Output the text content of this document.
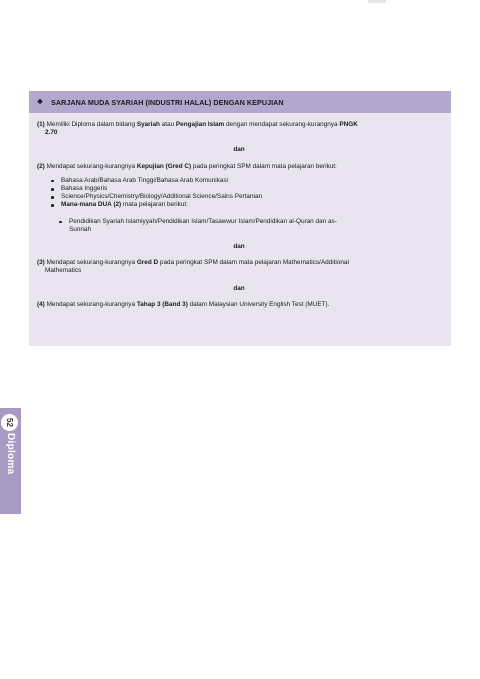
❖	SARJANA MUDA SYARIAH (INDUSTRI HALAL) DENGAN KEPUJIAN

(1) Memiliki Diploma dalam bidang Syariah atau Pengajian Islam dengan mendapat sekurang-kurangnya PNGK
2.70

dan

(2) Mendapat sekurang-kurangnya Kepujian (Gred C) pada peringkat SPM dalam mata pelajaran berikut:

Bahasa Arab/Bahasa Arab Tinggi/Bahasa Arab Komunikasi
Bahasa Inggeris
Science/Physics/Chemistry/Biology/Additional Science/Sains Pertanian
Mana-mana DUA (2) mata pelajaran berikut:
Pendidikan Syariah Islamiyyah/Pendidikan Islam/Tasawwur Islam/Pendidikan al-Quran dan as-
Sunnah
dan

(3) Mendapat sekurang-kurangnya Gred D pada peringkat SPM dalam mata pelajaran Mathematics/Additional
Mathematics

dan

(4) Mendapat sekurang-kurangnya Tahap 3 (Band 3) dalam Malaysian University English Test (MUET).

52
Diploma
